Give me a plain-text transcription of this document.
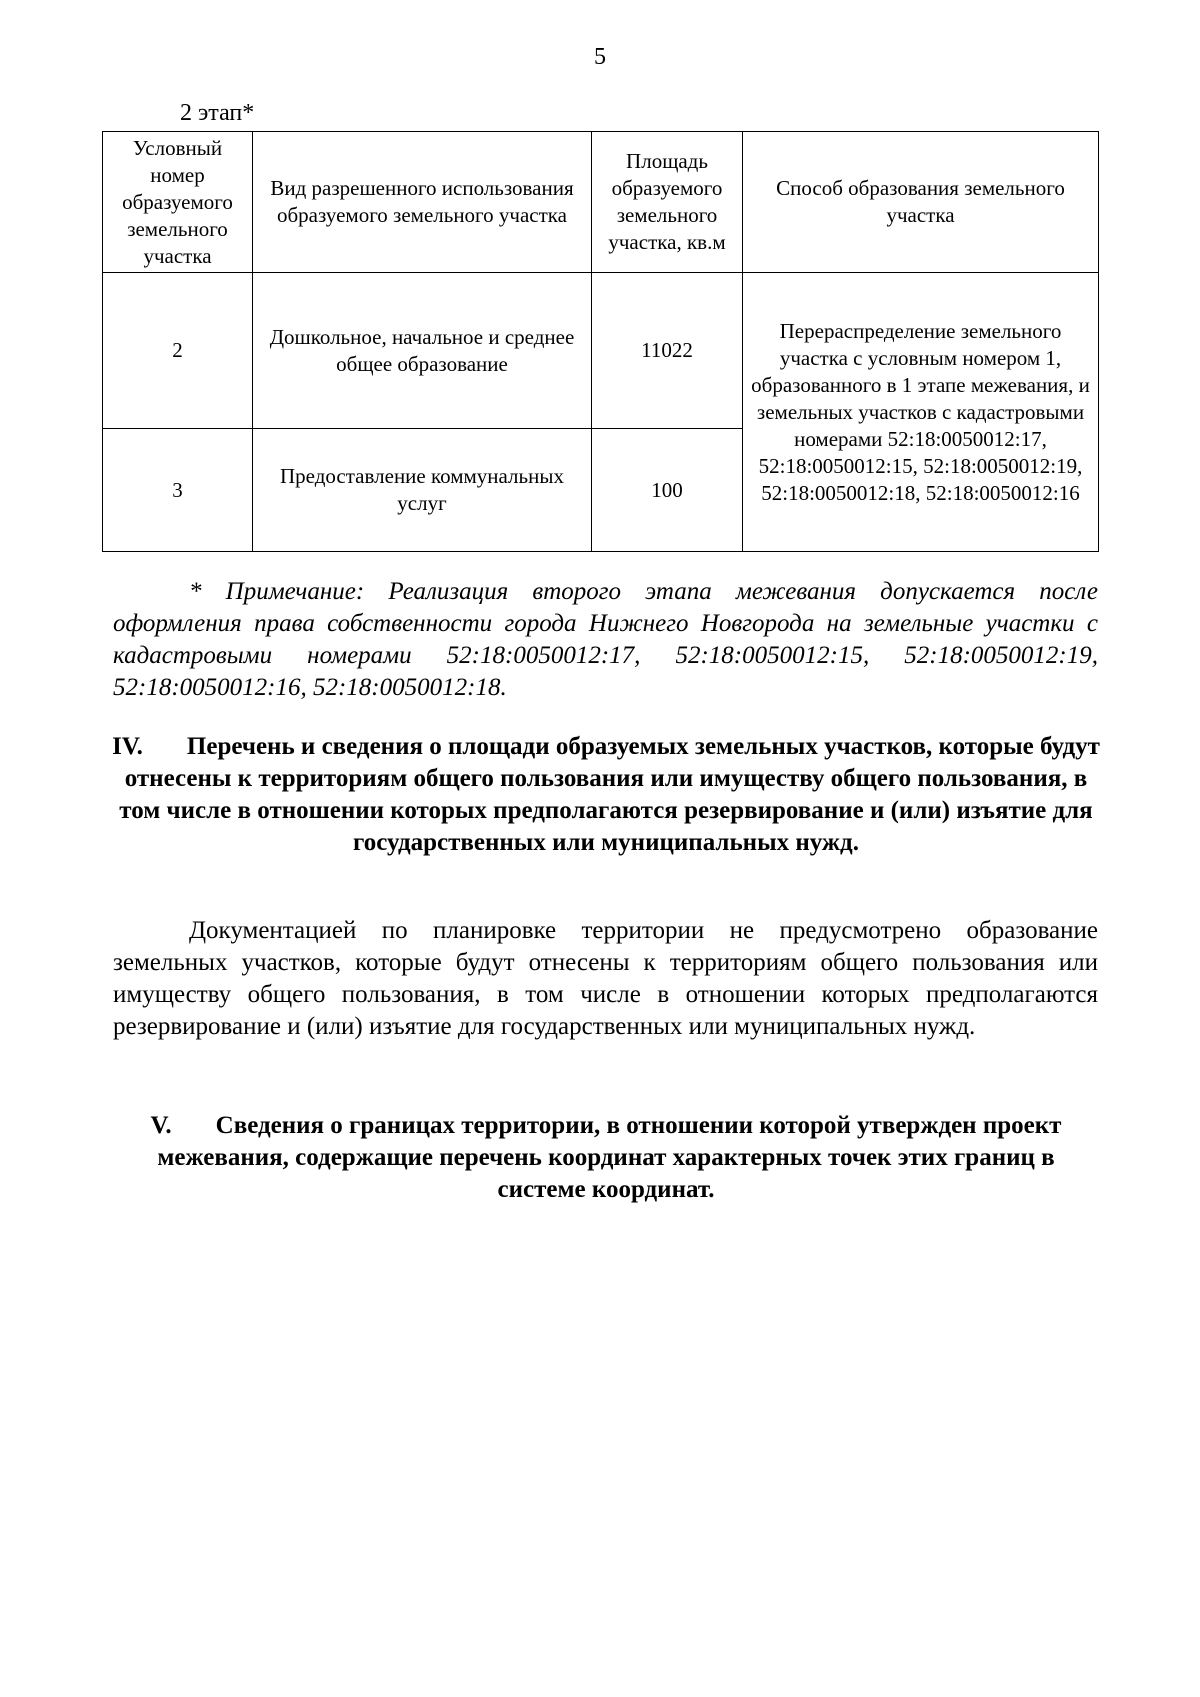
5
2 этап*
Условный номер образуемого земельного участка	Вид разрешенного использования образуемого земельного участка	Площадь образуемого земельного участка, кв.м	Способ образования земельного участка
2	Дошкольное, начальное и среднее общее образование	11022	Перераспределение земельного участка с условным номером 1, образованного в 1 этапе межевания, и земельных участков с кадастровыми номерами 52:18:0050012:17, 52:18:0050012:15, 52:18:0050012:19, 52:18:0050012:18, 52:18:0050012:16
3	Предоставление коммунальных услуг	100	
* Примечание: Реализация второго этапа межевания допускается после оформления права собственности города Нижнего Новгорода на земельные участки с кадастровыми номерами 52:18:0050012:17, 52:18:0050012:15, 52:18:0050012:19, 52:18:0050012:16, 52:18:0050012:18.
IV. Перечень и сведения о площади образуемых земельных участков, которые будут отнесены к территориям общего пользования или имуществу общего пользования, в том числе в отношении которых предполагаются резервирование и (или) изъятие для государственных или муниципальных нужд.
Документацией по планировке территории не предусмотрено образование земельных участков, которые будут отнесены к территориям общего пользования или имуществу общего пользования, в том числе в отношении которых предполагаются резервирование и (или) изъятие для государственных или муниципальных нужд.
V. Сведения о границах территории, в отношении которой утвержден проект межевания, содержащие перечень координат характерных точек этих границ в системе координат.
